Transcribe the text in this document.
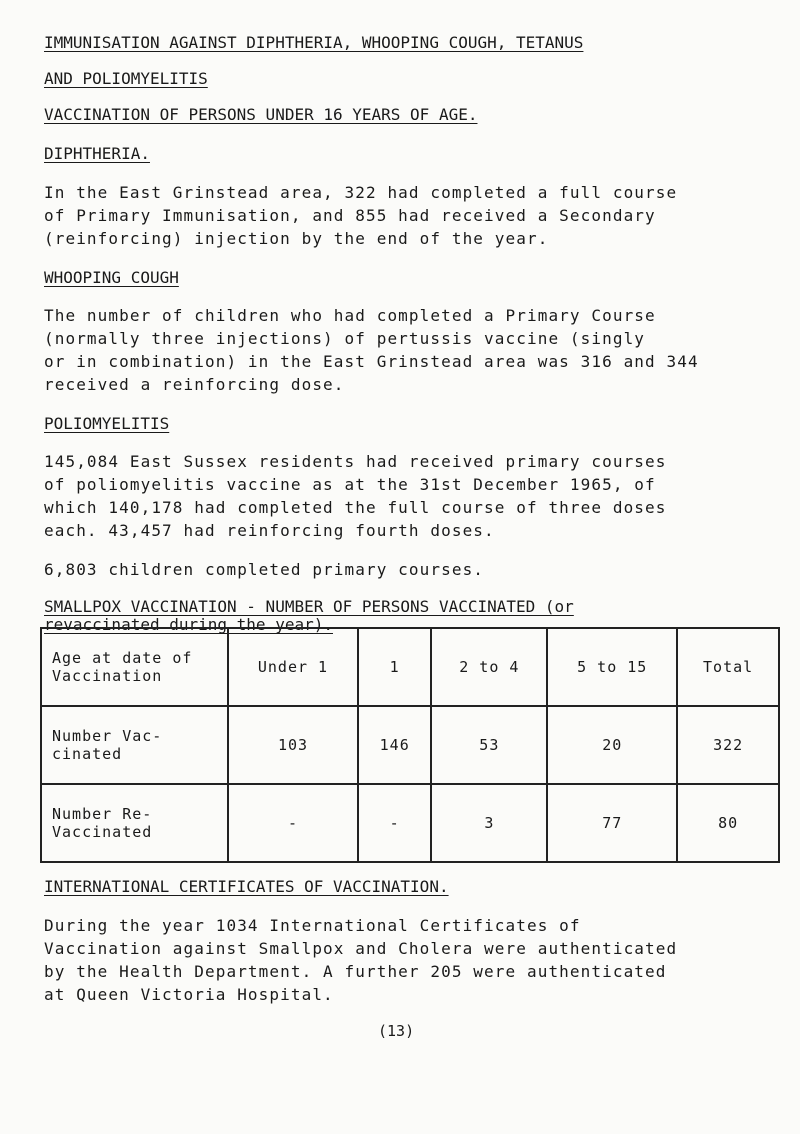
IMMUNISATION AGAINST DIPHTHERIA, WHOOPING COUGH, TETANUS
AND POLIOMYELITIS
VACCINATION OF PERSONS UNDER 16 YEARS OF AGE.
DIPHTHERIA.
In the East Grinstead area, 322 had completed a full course
of Primary Immunisation, and 855 had received a Secondary
(reinforcing) injection by the end of the year.
WHOOPING COUGH
The number of children who had completed a Primary Course
(normally three injections) of pertussis vaccine (singly
or in combination) in the East Grinstead area was 316 and 344
received a reinforcing dose.
POLIOMYELITIS
145,084 East Sussex residents had received primary courses
of poliomyelitis vaccine as at the 31st December 1965, of
which 140,178 had completed the full course of three doses
each. 43,457 had reinforcing fourth doses.
6,803 children completed primary courses.
SMALLPOX VACCINATION - NUMBER OF PERSONS VACCINATED (or
revaccinated during the year).
Age at date of Vaccination	Under 1	1	2 to 4	5 to 15	Total
Number Vac- cinated	103	146	53	20	322
Number Re- Vaccinated	-	-	3	77	80
INTERNATIONAL CERTIFICATES OF VACCINATION.
During the year 1034 International Certificates of
Vaccination against Smallpox and Cholera were authenticated
by the Health Department. A further 205 were authenticated
at Queen Victoria Hospital.
(13)
